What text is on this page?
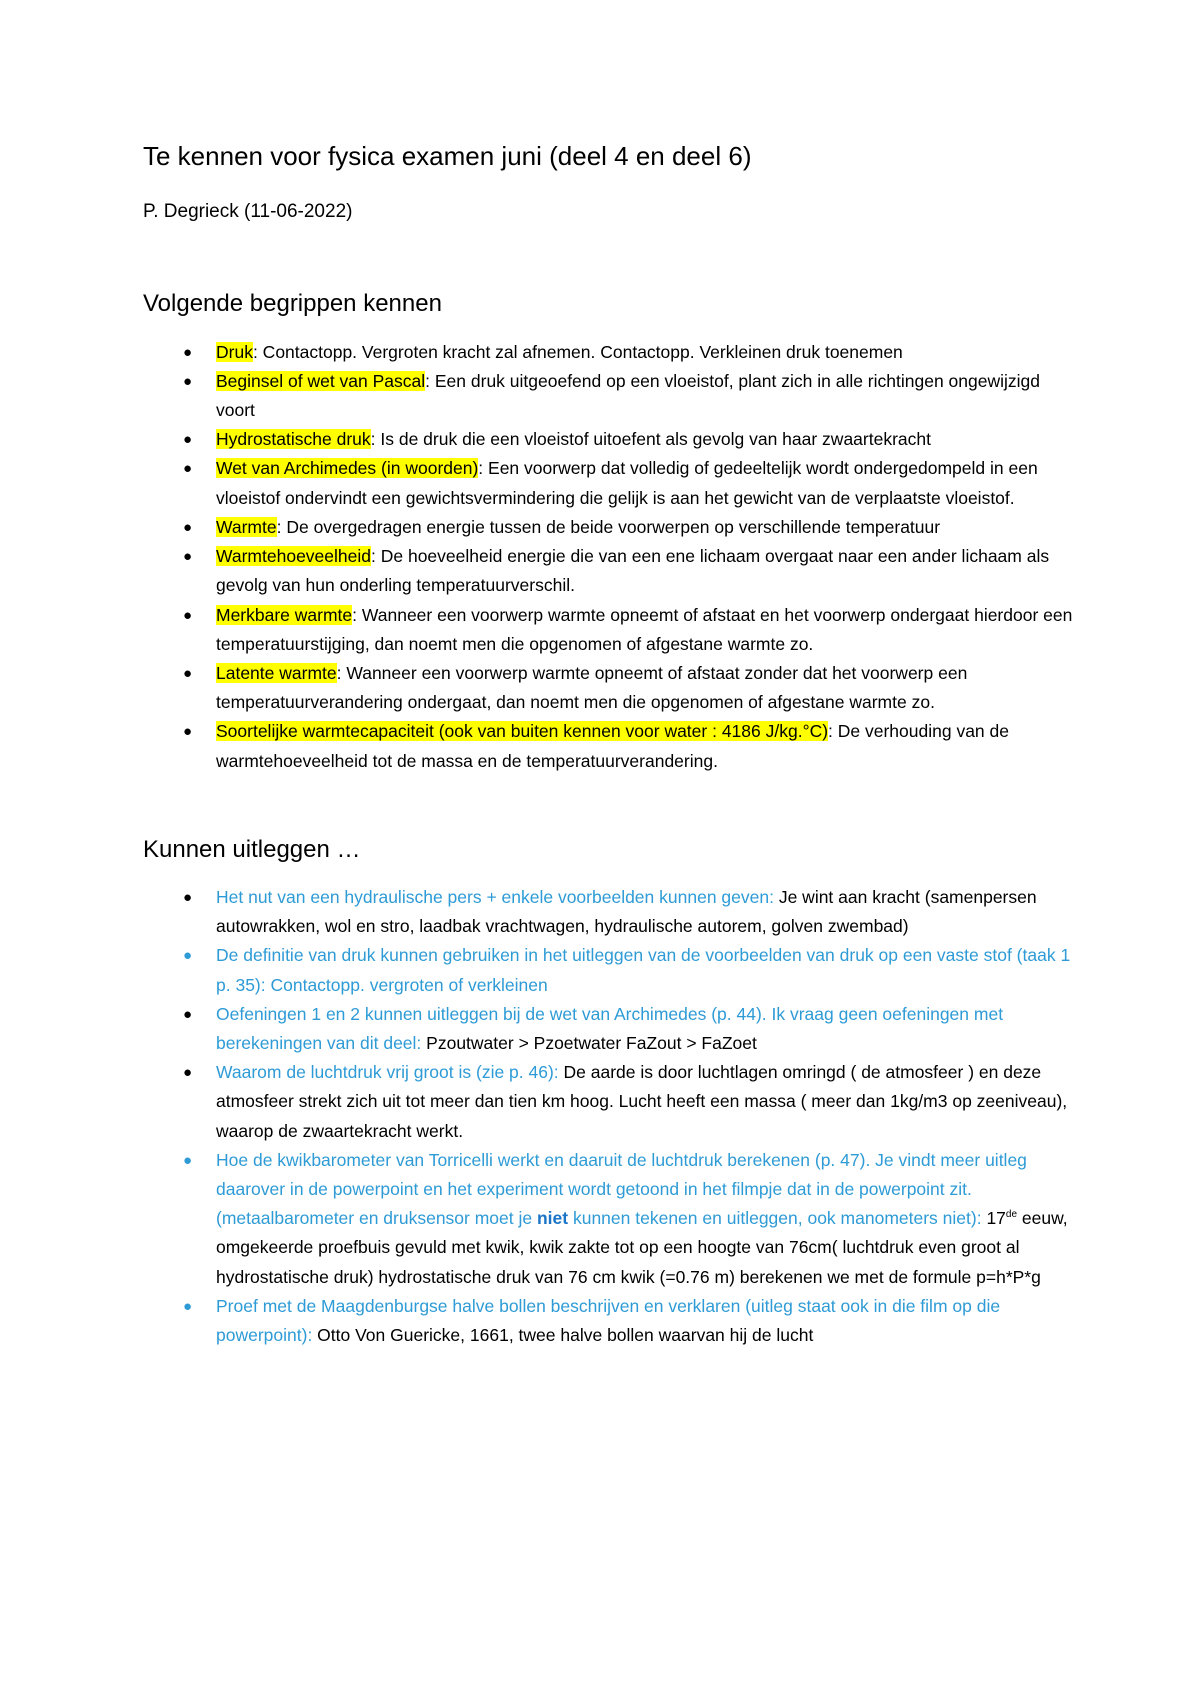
Te kennen voor fysica examen juni (deel 4 en deel 6)

P. Degrieck (11-06-2022)

Volgende begrippen kennen
● Druk: Contactopp. Vergroten kracht zal afnemen. Contactopp. Verkleinen druk toenemen
● Beginsel of wet van Pascal: Een druk uitgeoefend op een vloeistof, plant zich in alle richtingen ongewijzigd voort
● Hydrostatische druk: Is de druk die een vloeistof uitoefent als gevolg van haar zwaartekracht
● Wet van Archimedes (in woorden): Een voorwerp dat volledig of gedeeltelijk wordt ondergedompeld in een vloeistof ondervindt een gewichtsvermindering die gelijk is aan het gewicht van de verplaatste vloeistof.
● Warmte: De overgedragen energie tussen de beide voorwerpen op verschillende temperatuur
● Warmtehoeveelheid: De hoeveelheid energie die van een ene lichaam overgaat naar een ander lichaam als gevolg van hun onderling temperatuurverschil.
● Merkbare warmte: Wanneer een voorwerp warmte opneemt of afstaat en het voorwerp ondergaat hierdoor een temperatuurstijging, dan noemt men die opgenomen of afgestane warmte zo.
● Latente warmte: Wanneer een voorwerp warmte opneemt of afstaat zonder dat het voorwerp een temperatuurverandering ondergaat, dan noemt men die opgenomen of afgestane warmte zo.
● Soortelijke warmtecapaciteit (ook van buiten kennen voor water : 4186 J/kg.°C): De verhouding van de warmtehoeveelheid tot de massa en de temperatuurverandering.
Kunnen uitleggen …
● Het nut van een hydraulische pers + enkele voorbeelden kunnen geven: Je wint aan kracht (samenpersen autowrakken, wol en stro, laadbak vrachtwagen, hydraulische autorem, golven zwembad)
● De definitie van druk kunnen gebruiken in het uitleggen van de voorbeelden van druk op een vaste stof (taak 1 p. 35): Contactopp. vergroten of verkleinen
● Oefeningen 1 en 2 kunnen uitleggen bij de wet van Archimedes (p. 44). Ik vraag geen oefeningen met berekeningen van dit deel: Pzoutwater > Pzoetwater FaZout > FaZoet
● Waarom de luchtdruk vrij groot is (zie p. 46): De aarde is door luchtlagen omringd ( de atmosfeer ) en deze atmosfeer strekt zich uit tot meer dan tien km hoog. Lucht heeft een massa ( meer dan 1kg/m3 op zeeniveau), waarop de zwaartekracht werkt.
● Hoe de kwikbarometer van Torricelli werkt en daaruit de luchtdruk berekenen (p. 47). Je vindt meer uitleg daarover in de powerpoint en het experiment wordt getoond in het filmpje dat in de powerpoint zit. (metaalbarometer en druksensor moet je niet kunnen tekenen en uitleggen, ook manometers niet): 17de eeuw, omgekeerde proefbuis gevuld met kwik, kwik zakte tot op een hoogte van 76cm( luchtdruk even groot al hydrostatische druk) hydrostatische druk van 76 cm kwik (=0.76 m) berekenen we met de formule p=h*P*g
● Proef met de Maagdenburgse halve bollen beschrijven en verklaren (uitleg staat ook in die film op die powerpoint): Otto Von Guericke, 1661, twee halve bollen waarvan hij de lucht
